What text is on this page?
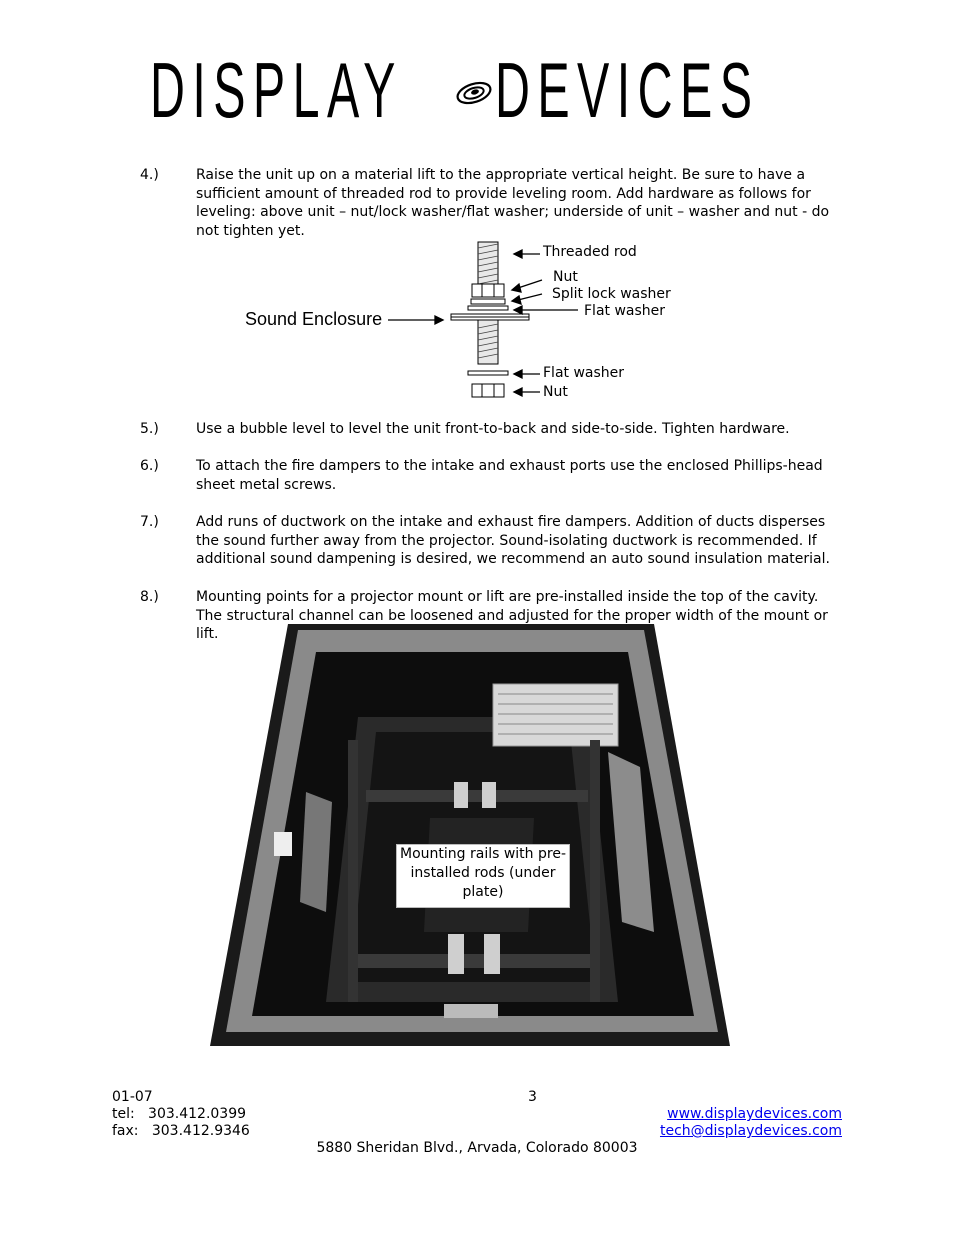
DISPLAY DEVICES
4.)	Raise the unit up on a material lift to the appropriate vertical height. Be sure to have a sufficient amount of threaded rod to provide leveling room. Add hardware as follows for leveling: above unit – nut/lock washer/flat washer; underside of unit – washer and nut - do not tighten yet.
Threaded rod
Nut
Split lock washer
Flat washer
Sound Enclosure
Flat washer
Nut
5.)	Use a bubble level to level the unit front-to-back and side-to-side. Tighten hardware.
6.)	To attach the fire dampers to the intake and exhaust ports use the enclosed Phillips-head sheet metal screws.
7.)	Add runs of ductwork on the intake and exhaust fire dampers. Addition of ducts disperses the sound further away from the projector. Sound-isolating ductwork is recommended. If additional sound dampening is desired, we recommend an auto sound insulation material.
8.)	Mounting points for a projector mount or lift are pre-installed inside the top of the cavity. The structural channel can be loosened and adjusted for the proper width of the mount or lift.
Mounting rails with pre-installed rods (under plate)
01-07	3
tel:   303.412.0399
fax:   303.412.9346
www.displaydevices.com
tech@displaydevices.com
5880 Sheridan Blvd., Arvada, Colorado 80003
